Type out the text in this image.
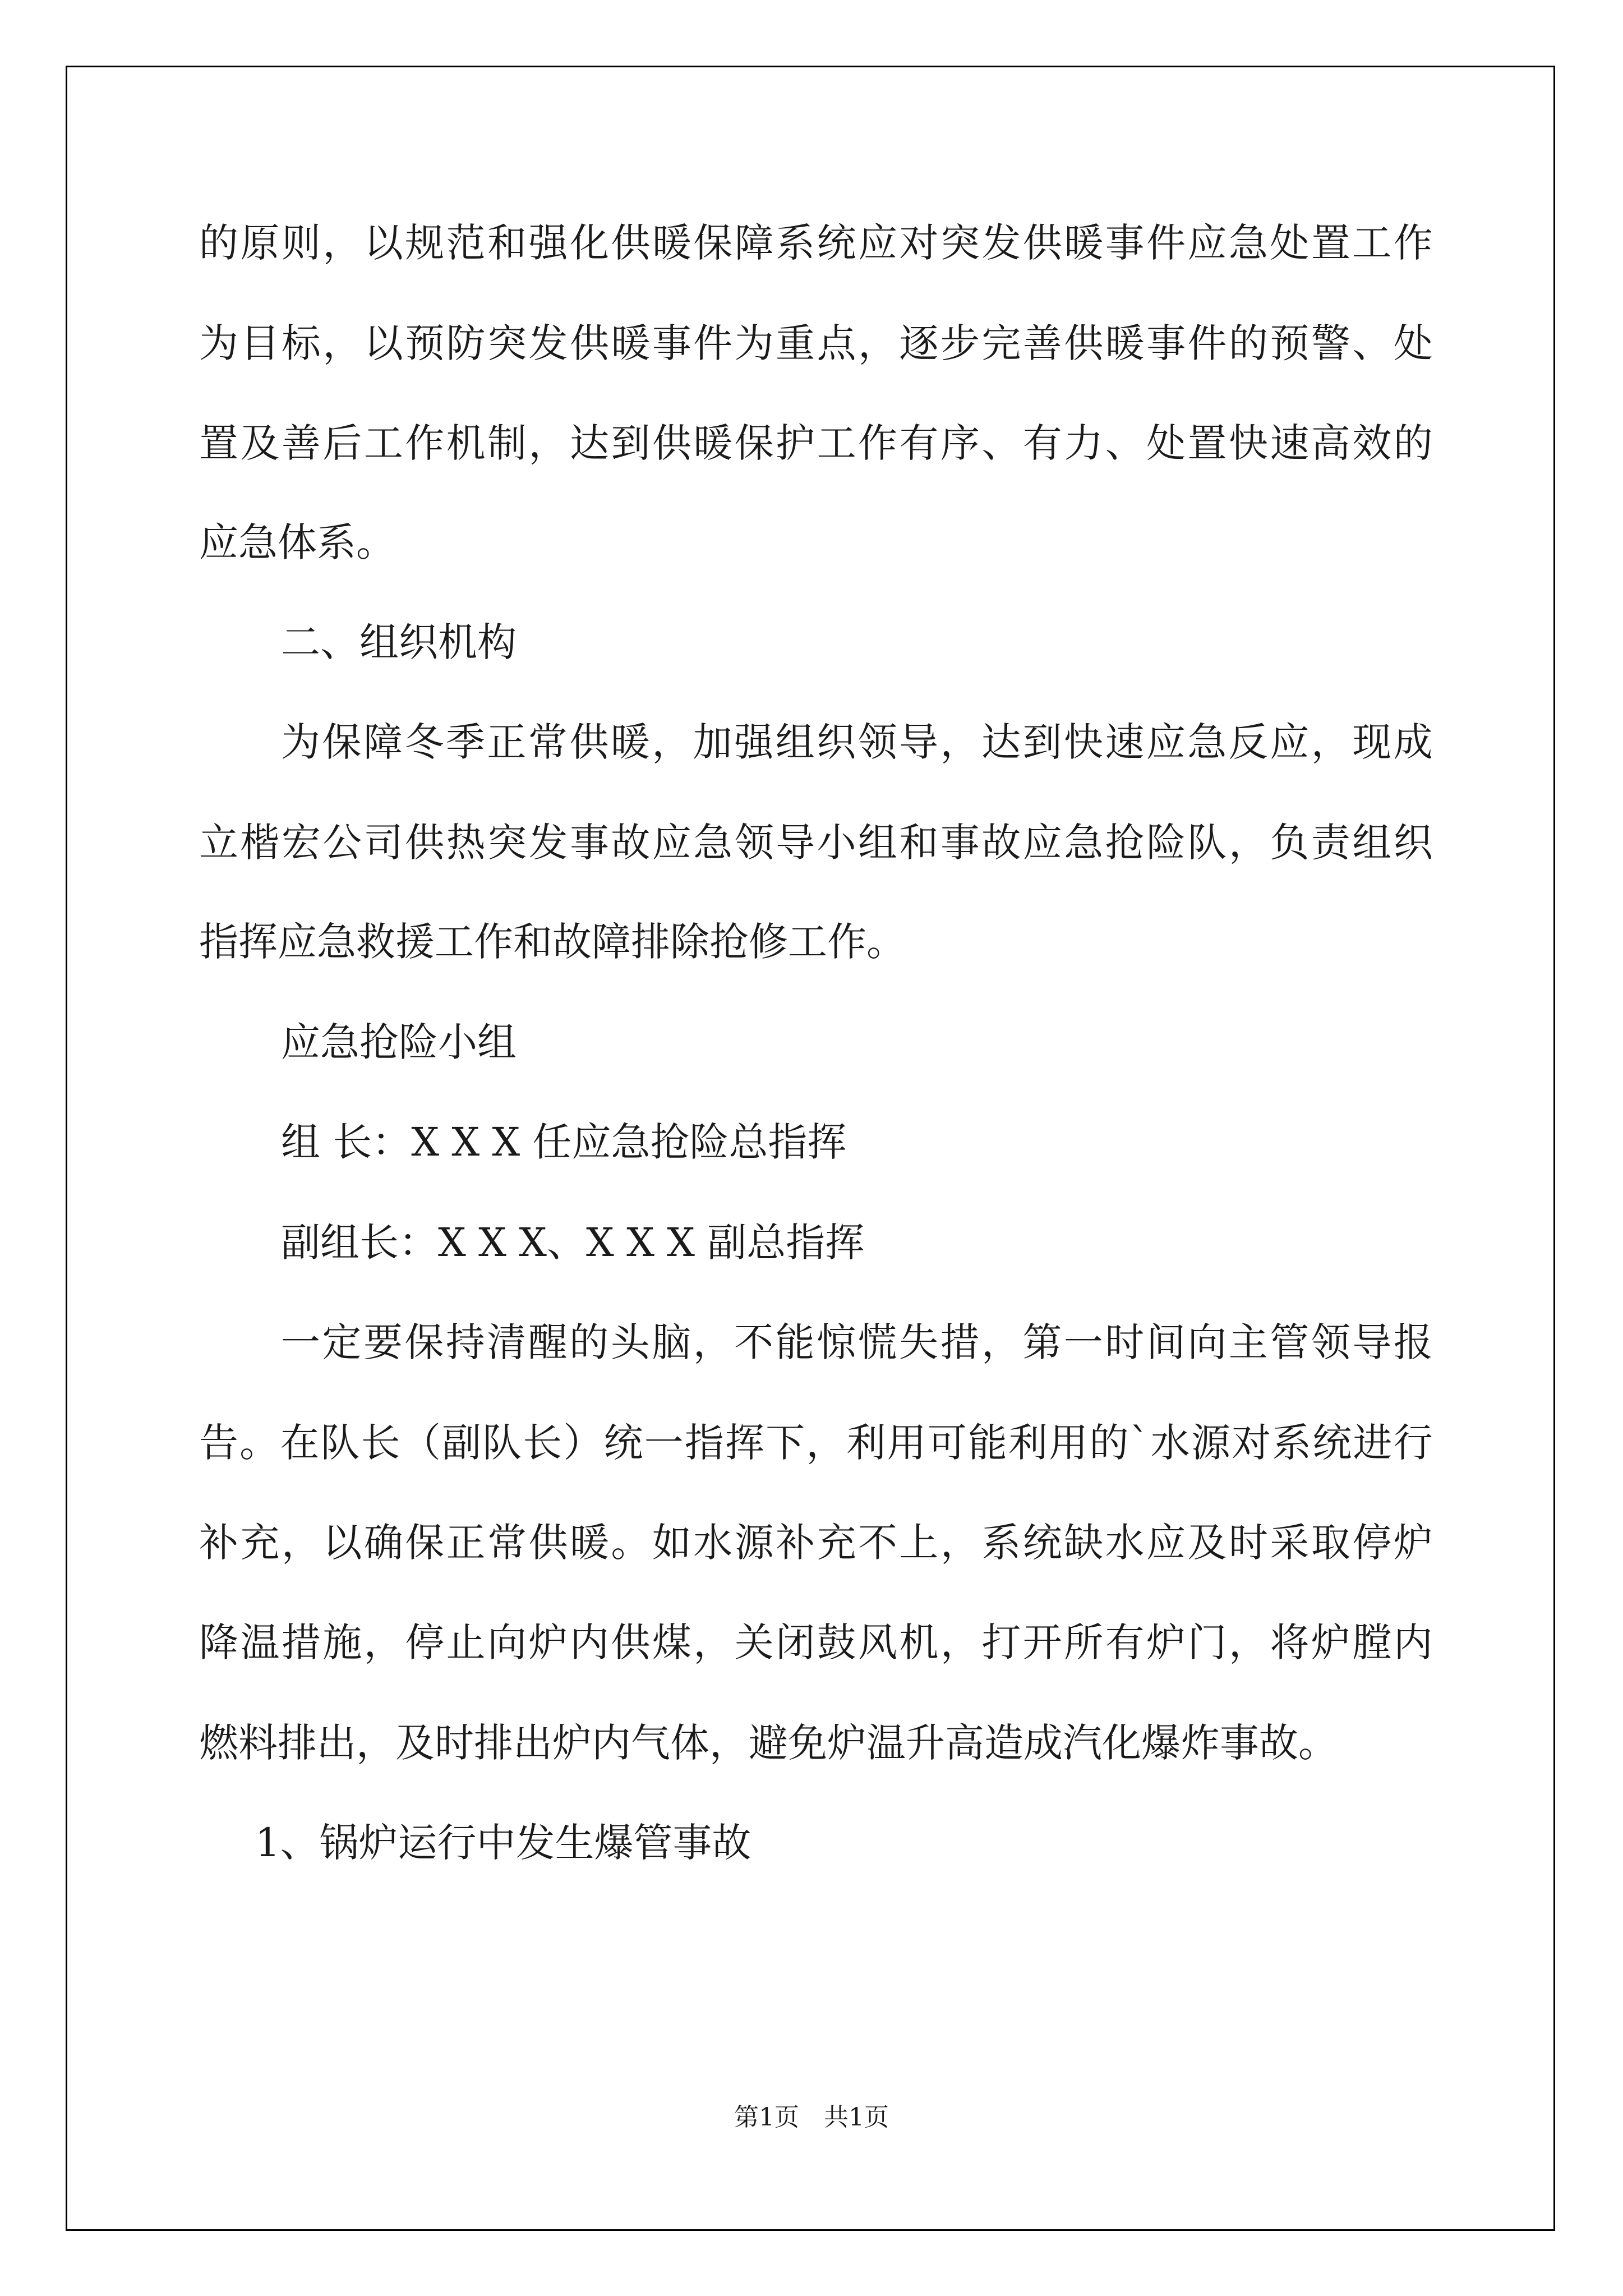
的 原 则 ， 以 规 范 和 强 化 供 暖 保 障 系 统 应 对 突 发 供 暖 事 件 应 急 处 置 工 作
为 目 标 ， 以 预 防 突 发 供 暖 事 件 为 重 点 ， 逐 步 完 善 供 暖 事 件 的 预 警 、 处
置 及 善 后 工 作 机 制 ， 达 到 供 暖 保 护 工 作 有 序 、 有 力 、 处 置 快 速 高 效 的
应急体系。
二、组织机构
为 保 障 冬 季 正 常 供 暖 ， 加 强 组 织 领 导 ， 达 到 快 速 应 急 反 应 ， 现 成
立 楷 宏 公 司 供 热 突 发 事 故 应 急 领 导 小 组 和 事 故 应 急 抢 险 队 ， 负 责 组 织
指挥应急救援工作和故障排除抢修工作。
应急抢险小组
组 长：X X X 任应急抢险总指挥
副组长：X X X、X X X 副总指挥
一 定 要 保 持 清 醒 的 头 脑 ， 不 能 惊 慌 失 措 ， 第 一 时 间 向 主 管 领 导 报
告 。 在 队 长 （ 副 队 长 ） 统 一 指 挥 下 ， 利 用 可 能 利 用 的 ` 水 源 对 系 统 进 行
补 充 ， 以 确 保 正 常 供 暖 。 如 水 源 补 充 不 上 ， 系 统 缺 水 应 及 时 采 取 停 炉
降 温 措 施 ， 停 止 向 炉 内 供 煤 ， 关 闭 鼓 风 机 ， 打 开 所 有 炉 门 ， 将 炉 膛 内
燃料排出，及时排出炉内气体，避免炉温升高造成汽化爆炸事故。
1、锅炉运行中发生爆管事故
第1页　共1页
